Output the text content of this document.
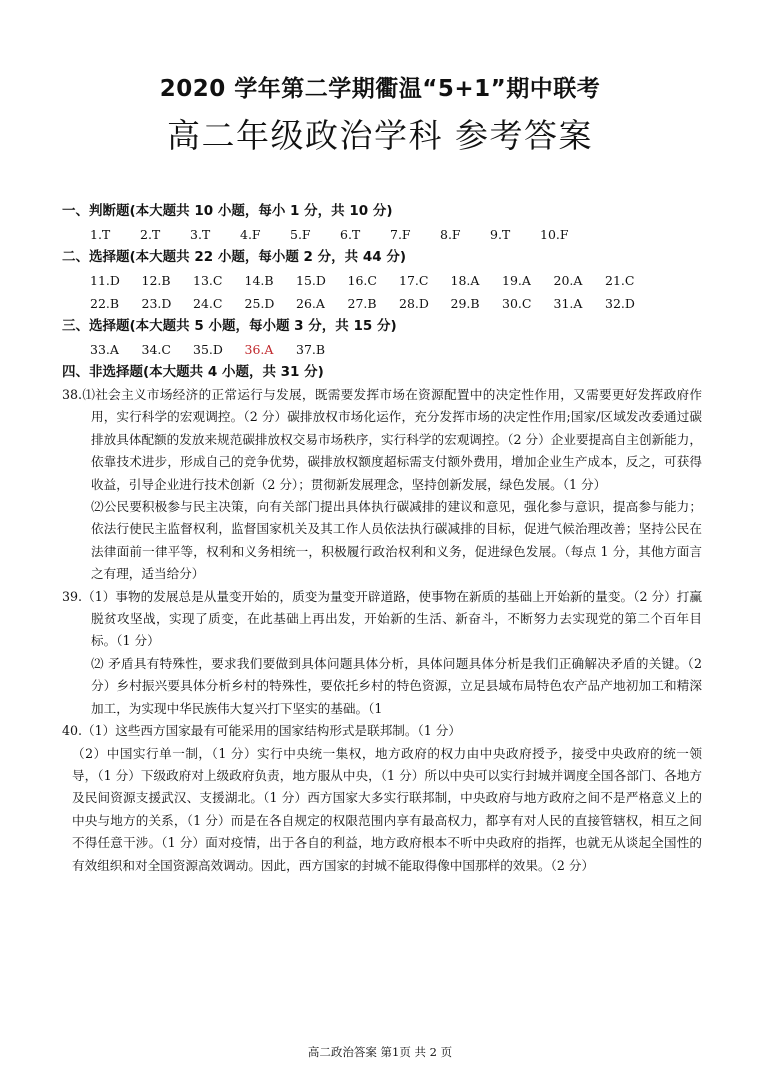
2020 学年第二学期衢温“5+1”期中联考
高二年级政治学科 参考答案
一、判断题(本大题共 10 小题，每小 1 分，共 10 分)
1.T 2.T 3.T 4.F 5.F 6.T 7.F 8.F 9.T 10.F
二、选择题(本大题共 22 小题，每小题 2 分，共 44 分)
11.D 12.B 13.C 14.B 15.D 16.C 17.C 18.A 19.A 20.A 21.C
22.B 23.D 24.C 25.D 26.A 27.B 28.D 29.B 30.C 31.A 32.D
三、选择题(本大题共 5 小题，每小题 3 分，共 15 分)
33.A 34.C 35.D 36.A 37.B
四、非选择题(本大题共 4 小题，共 31 分)

38.⑴社会主义市场经济的正常运行与发展，既需要发挥市场在资源配置中的决定性作用，又需要更好发挥政府作用，实行科学的宏观调控。（2 分）碳排放权市场化运作，充分发挥市场的决定性作用;国家/区域发改委通过碳排放具体配额的发放来规范碳排放权交易市场秩序，实行科学的宏观调控。（2 分）企业要提高自主创新能力，依靠技术进步，形成自己的竞争优势，碳排放权额度超标需支付额外费用，增加企业生产成本，反之，可获得收益，引导企业进行技术创新（2 分）；贯彻新发展理念，坚持创新发展，绿色发展。（1 分）

⑵公民要积极参与民主决策，向有关部门提出具体执行碳减排的建议和意见，强化参与意识，提高参与能力；依法行使民主监督权利，监督国家机关及其工作人员依法执行碳减排的目标，促进气候治理改善；坚持公民在法律面前一律平等，权利和义务相统一，积极履行政治权利和义务，促进绿色发展。（每点 1 分，其他方面言之有理，适当给分）

39.（1）事物的发展总是从量变开始的，质变为量变开辟道路，使事物在新质的基础上开始新的量变。（2 分）打赢脱贫攻坚战，实现了质变，在此基础上再出发，开始新的生活、新奋斗，不断努力去实现党的第二个百年目标。（1 分）

⑵ 矛盾具有特殊性，要求我们要做到具体问题具体分析，具体问题具体分析是我们正确解决矛盾的关键。（2 分）乡村振兴要具体分析乡村的特殊性，要依托乡村的特色资源，立足县域布局特色农产品产地初加工和精深加工，为实现中华民族伟大复兴打下坚实的基础。（1

40.（1）这些西方国家最有可能采用的国家结构形式是联邦制。（1 分）

（2）中国实行单一制，（1 分）实行中央统一集权，地方政府的权力由中央政府授予，接受中央政府的统一领导，（1 分）下级政府对上级政府负责，地方服从中央，（1 分）所以中央可以实行封城并调度全国各部门、各地方及民间资源支援武汉、支援湖北。（1 分）西方国家大多实行联邦制，中央政府与地方政府之间不是严格意义上的中央与地方的关系，（1 分）而是在各自规定的权限范围内享有最高权力，都享有对人民的直接管辖权，相互之间不得任意干涉。（1 分）面对疫情，出于各自的利益，地方政府根本不听中央政府的指挥，也就无从谈起全国性的有效组织和对全国资源高效调动。因此，西方国家的封城不能取得像中国那样的效果。（2 分）

高二政治答案 第1页 共 2 页
